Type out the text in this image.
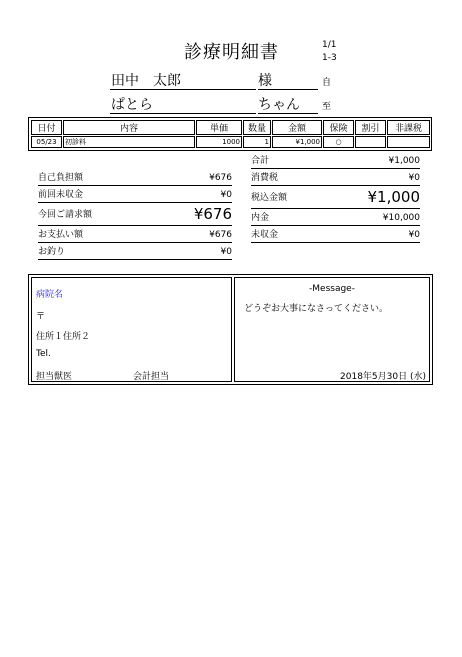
診療明細書	1/1
1-3
田中　太郎	様	自
ぱとら	ちゃん	至
日付	内容	単価	数量	金額	保険	割引	非課税
05/23	初診料	1000	1	¥1,000	○		
自己負担額	¥676
前回未収金	¥0
今回ご請求額	¥676
お支払い額	¥676
お釣り	¥0
合計	¥1,000
消費税	¥0
税込金額	¥1,000
内金	¥10,000
未収金	¥0
病院名
〒
住所１住所２
Tel.
担当獣医	会計担当
-Message-
どうぞお大事になさってください。
2018年5月30日 (水)
